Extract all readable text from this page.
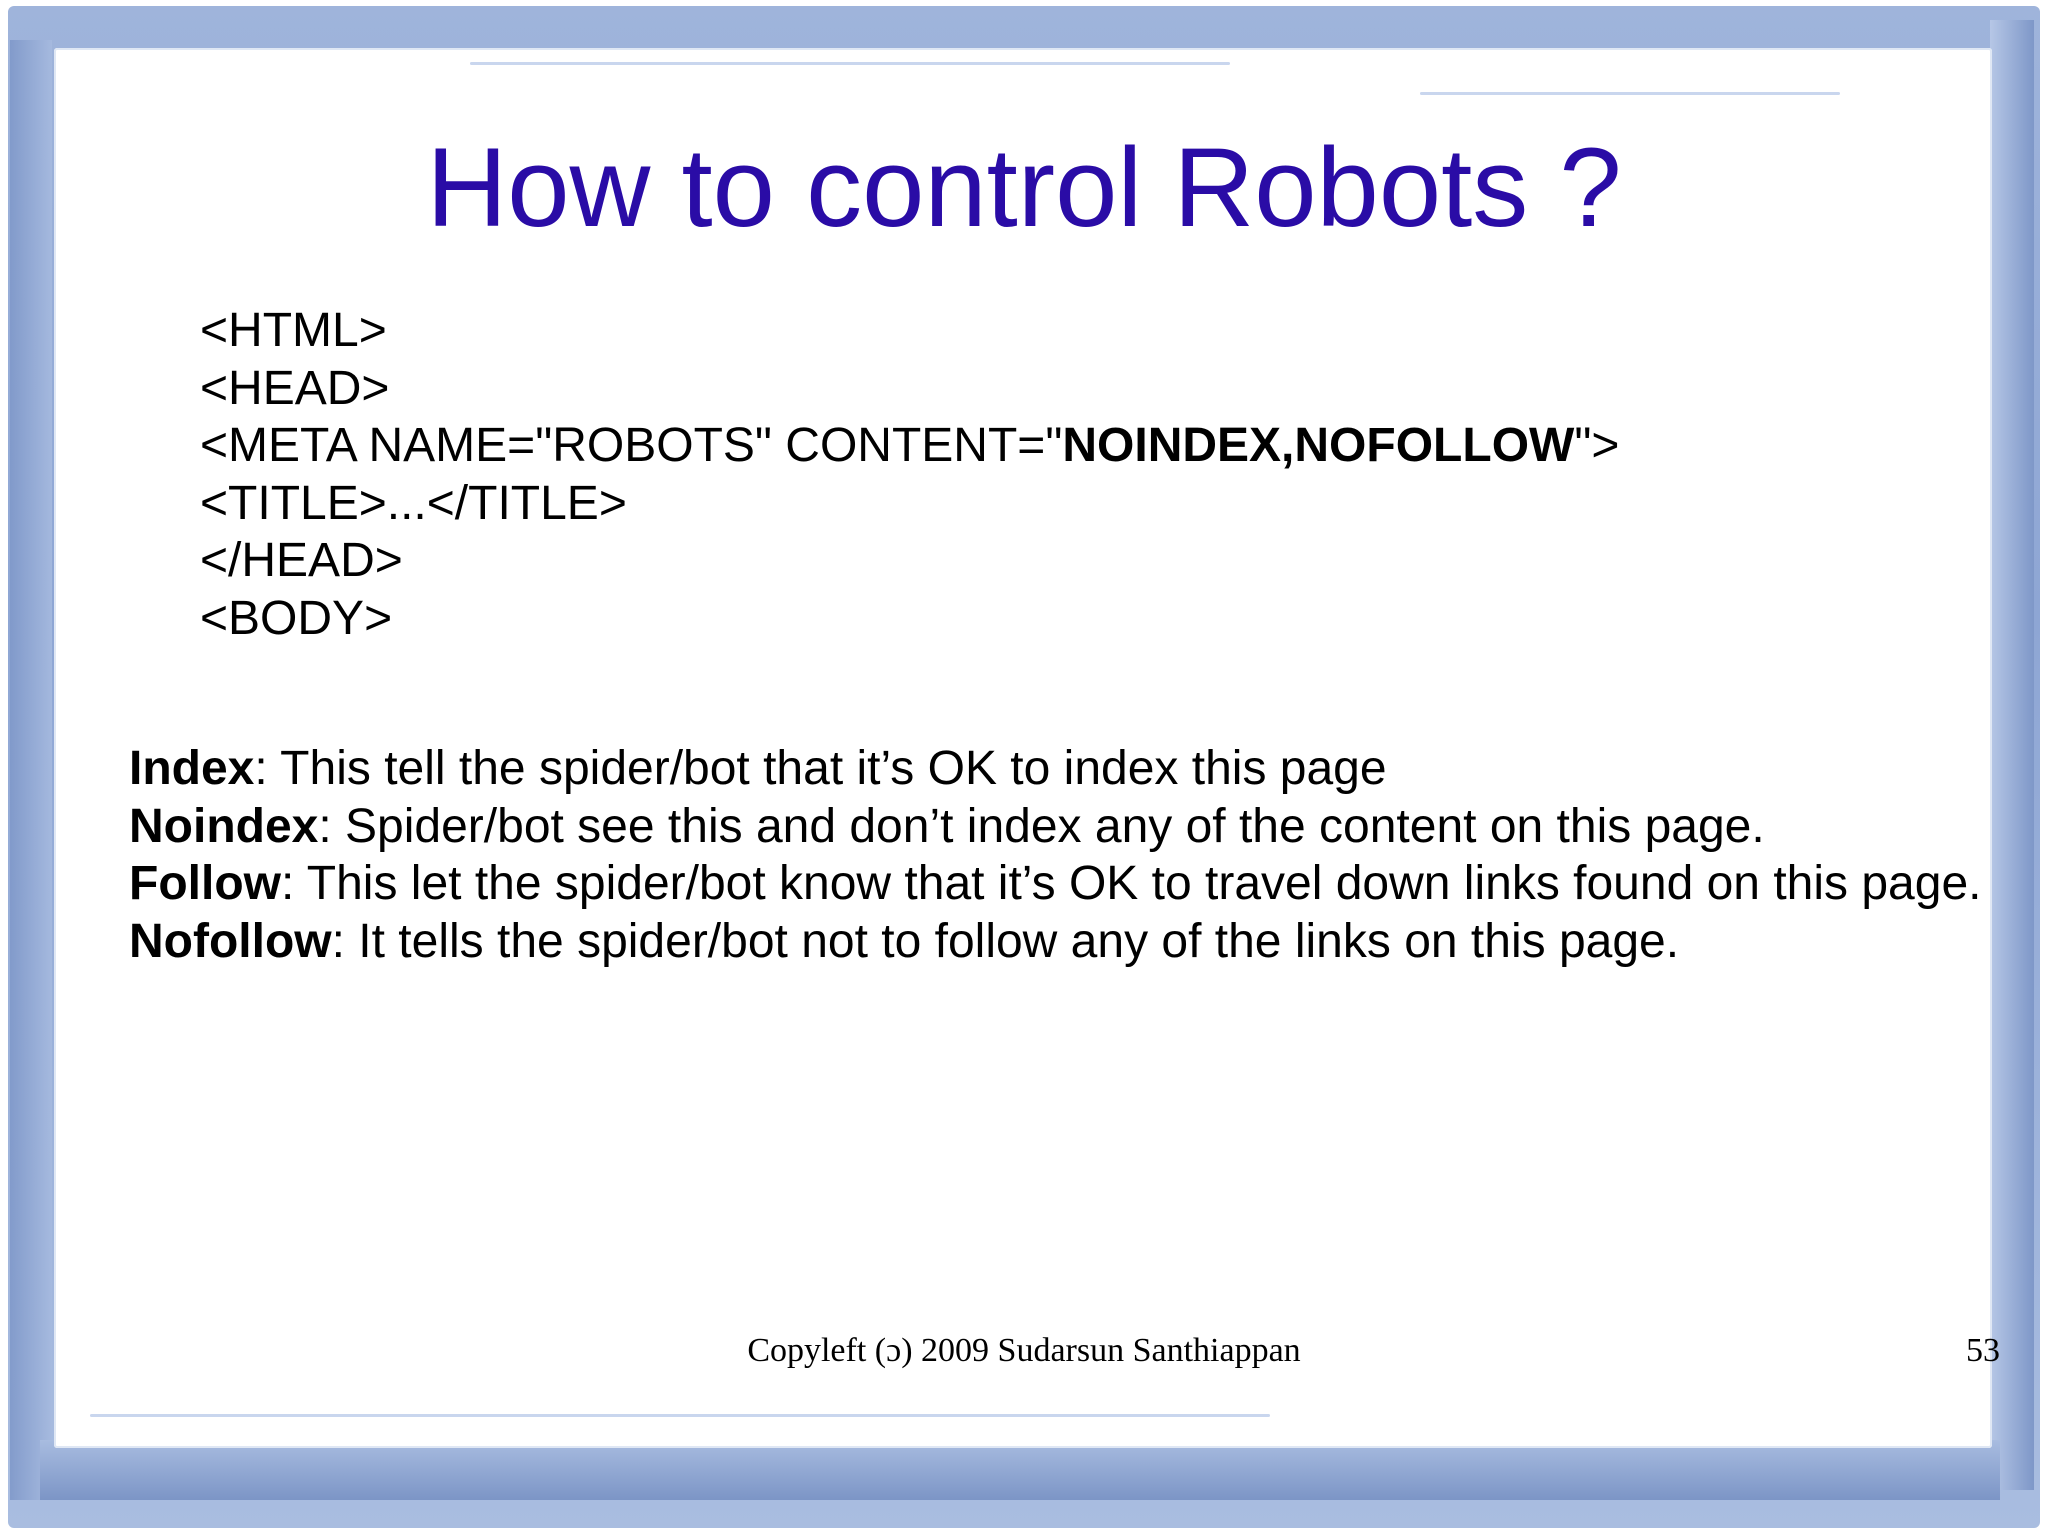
How to control Robots ?
<HTML>
<HEAD>
<META NAME="ROBOTS" CONTENT="NOINDEX,NOFOLLOW">
<TITLE>...</TITLE>
</HEAD>
<BODY>

Index: This tell the spider/bot that it’s OK to index this page

Noindex: Spider/bot see this and don’t index any of the content on this page.

Follow: This let the spider/bot know that it’s OK to travel down links found on this page.

Nofollow: It tells the spider/bot not to follow any of the links on this page.

Copyleft (ɔ) 2009 Sudarsun Santhiappan	53
